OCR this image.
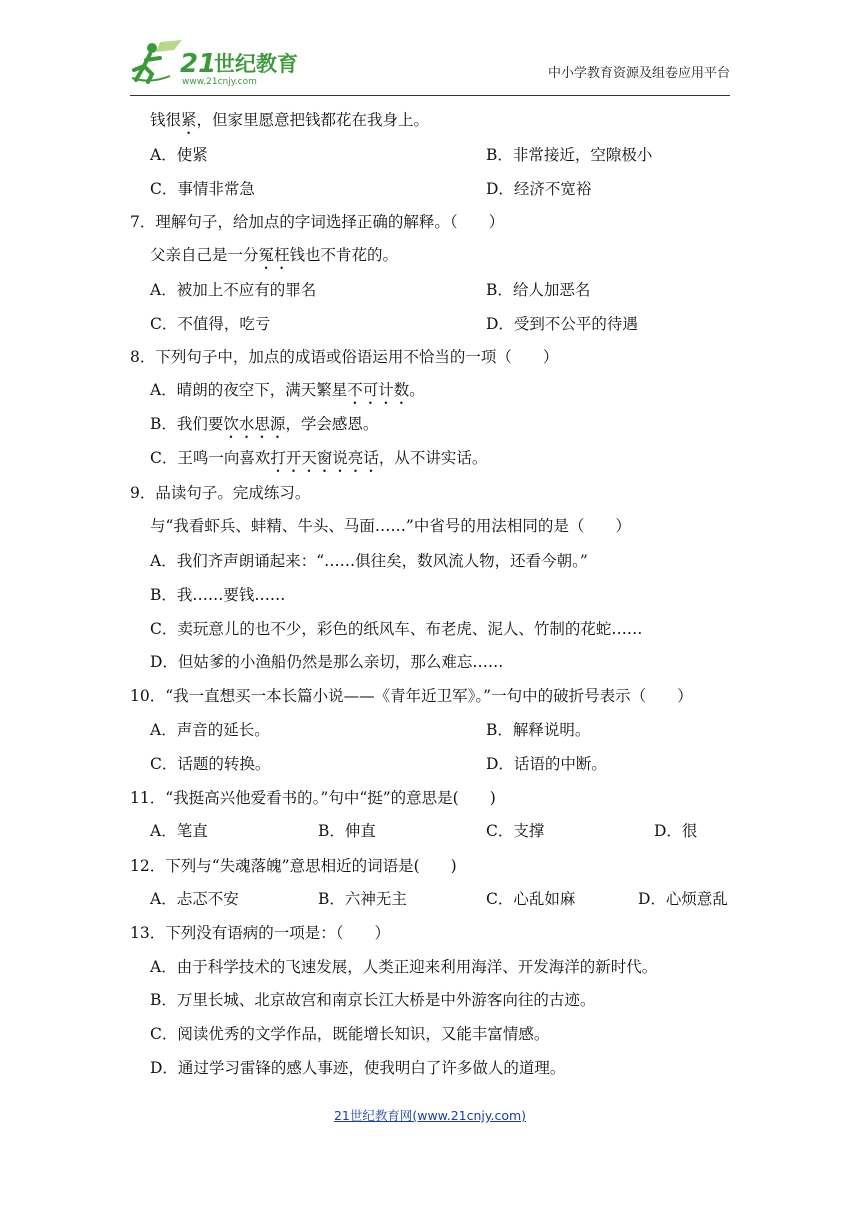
21
世纪教育
www.21cnjy.com
中小学教育资源及组卷应用平台
钱很紧，但家里愿意把钱都花在我身上。
A．使紧	B．非常接近，空隙极小
C．事情非常急	D．经济不宽裕
7．理解句子，给加点的字词选择正确的解释。（　　）
父亲自己是一分冤枉钱也不肯花的。
A．被加上不应有的罪名	B．给人加恶名
C．不值得，吃亏	D．受到不公平的待遇
8．下列句子中，加点的成语或俗语运用不恰当的一项（　　）
A．晴朗的夜空下，满天繁星不可计数。
B．我们要饮水思源，学会感恩。
C．王鸣一向喜欢打开天窗说亮话，从不讲实话。
9．品读句子。完成练习。
与“我看虾兵、蚌精、牛头、马面……”中省号的用法相同的是（　　）
A．我们齐声朗诵起来：“……俱往矣，数风流人物，还看今朝。”
B．我……要钱……
C．卖玩意儿的也不少，彩色的纸风车、布老虎、泥人、竹制的花蛇……
D．但姑爹的小渔船仍然是那么亲切，那么难忘……
10．“我一直想买一本长篇小说——《青年近卫军》。”一句中的破折号表示（　　）
A．声音的延长。	B．解释说明。
C．话题的转换。	D．话语的中断。
11．“我挺高兴他爱看书的。”句中“挺”的意思是(　　)
A．笔直	B．伸直	C．支撑	D．很
12．下列与“失魂落魄”意思相近的词语是(　　)
A．忐忑不安	B．六神无主	C．心乱如麻	D．心烦意乱
13．下列没有语病的一项是：（　　）
A．由于科学技术的飞速发展，人类正迎来利用海洋、开发海洋的新时代。
B．万里长城、北京故宫和南京长江大桥是中外游客向往的古迹。
C．阅读优秀的文学作品，既能增长知识，又能丰富情感。
D．通过学习雷锋的感人事迹，使我明白了许多做人的道理。
21世纪教育网(www.21cnjy.com)
